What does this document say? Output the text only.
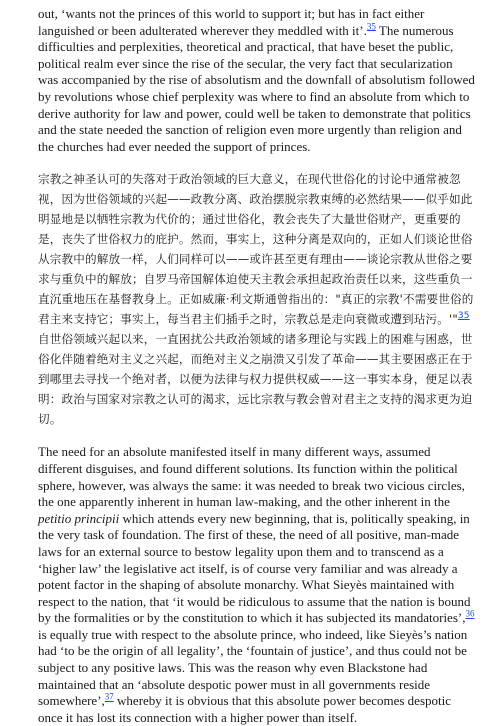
out, ‘wants not the princes of this world to support it; but has in fact either languished or been adulterated wherever they meddled with it’.$^{35}$ The numerous difficulties and perplexities, theoretical and practical, that have beset the public, political realm ever since the rise of the secular, the very fact that secularization was accompanied by the rise of absolutism and the downfall of absolutism followed by revolutions whose chief perplexity was where to find an absolute from which to derive authority for law and power, could well be taken to demonstrate that politics and the state needed the sanction of religion even more urgently than religion and the churches had ever needed the support of princes.

宗教之神圣认可的失落对于政治领域的巨大意义，在现代世俗化的讨论中通常被忽视，因为世俗领域的兴起——政教分离、政治摆脱宗教束缚的必然结果——似乎如此明显地是以牺牲宗教为代价的；通过世俗化，教会丧失了大量世俗财产，更重要的是，丧失了世俗权力的庇护。然而，事实上，这种分离是双向的，正如人们谈论世俗从宗教中的解放一样，人们同样可以——或许甚至更有理由——谈论宗教从世俗之要求与重负中的解放；自罗马帝国解体迫使天主教会承担起政治责任以来，这些重负一直沉重地压在基督教身上。正如威廉·利文斯通曾指出的："真正的宗教'不需要世俗的君主来支持它；事实上，每当君主们插手之时，宗教总是走向衰微或遭到玷污。'"$^{35}$自世俗领域兴起以来，一直困扰公共政治领域的诸多理论与实践上的困难与困惑，世俗化伴随着绝对主义之兴起，而绝对主义之崩溃又引发了革命——其主要困惑正在于到哪里去寻找一个绝对者，以便为法律与权力提供权威——这一事实本身，便足以表明：政治与国家对宗教之认可的渴求，远比宗教与教会曾对君主之支持的渴求更为迫切。

The need for an absolute manifested itself in many different ways, assumed different disguises, and found different solutions. Its function within the political sphere, however, was always the same: it was needed to break two vicious circles, the one apparently inherent in human law-making, and the other inherent in the petitio principii which attends every new beginning, that is, politically speaking, in the very task of foundation. The first of these, the need of all positive, man-made laws for an external source to bestow legality upon them and to transcend as a ‘higher law’ the legislative act itself, is of course very familiar and was already a potent factor in the shaping of absolute monarchy. What Sieyès maintained with respect to the nation, that ‘it would be ridiculous to assume that the nation is bound by the formalities or by the constitution to which it has subjected its mandatories’,$^{36}$ is equally true with respect to the absolute prince, who indeed, like Sieyès’s nation had ‘to be the origin of all legality’, the ‘fountain of justice’, and thus could not be subject to any positive laws. This was the reason why even Blackstone had maintained that an ‘absolute despotic power must in all governments reside somewhere’,$^{37}$ whereby it is obvious that this absolute power becomes despotic once it has lost its connection with a higher power than itself.
